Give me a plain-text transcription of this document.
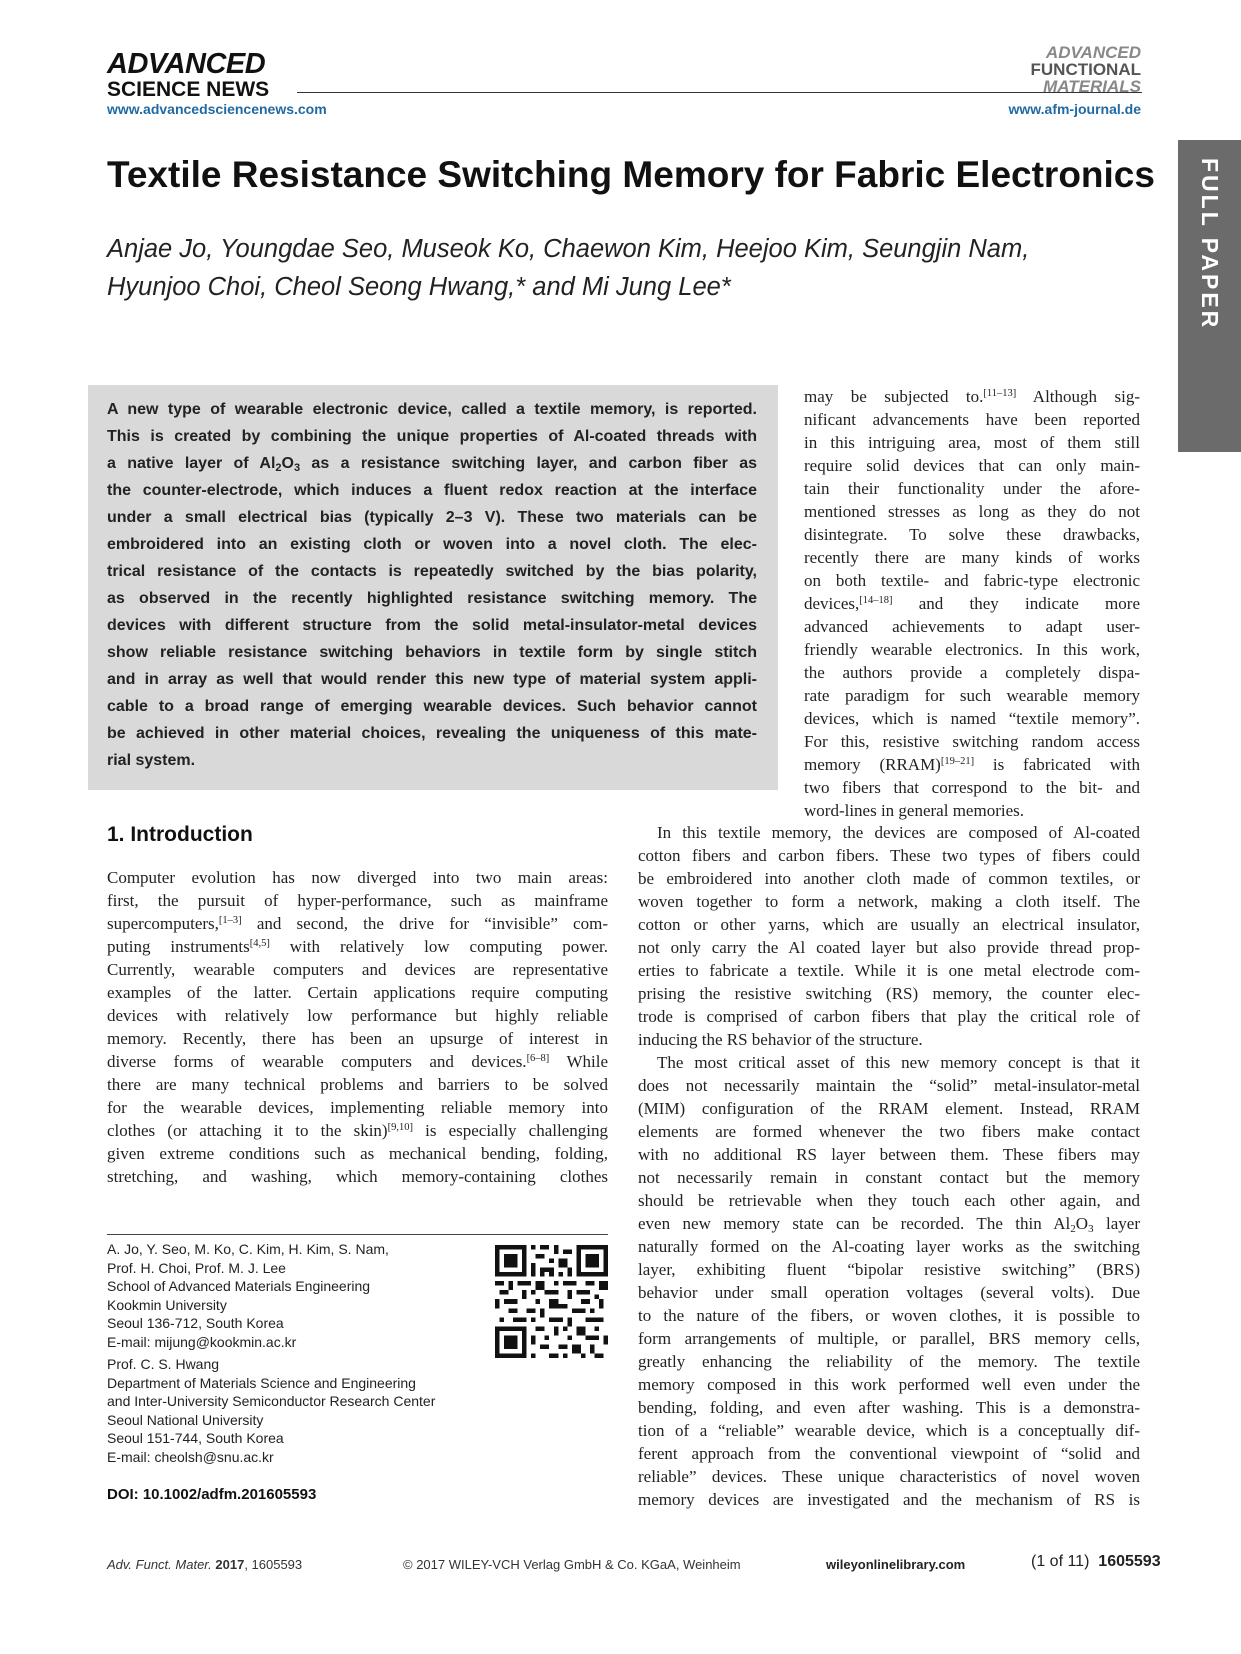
ADVANCED
SCIENCE NEWS
www.advancedsciencenews.com
ADVANCED
FUNCTIONAL
MATERIALS
www.afm-journal.de
FULL PAPER
Textile Resistance Switching Memory for Fabric Electronics
Anjae Jo, Youngdae Seo, Museok Ko, Chaewon Kim, Heejoo Kim, Seungjin Nam,
Hyunjoo Choi, Cheol Seong Hwang,* and Mi Jung Lee*
A new type of wearable electronic device, called a textile memory, is reported.
This is created by combining the unique properties of Al-coated threads with
a native layer of $Al_2O_3$ as a resistance switching layer, and carbon fiber as
the counter-electrode, which induces a fluent redox reaction at the interface
under a small electrical bias (typically 2–3 V). These two materials can be
embroidered into an existing cloth or woven into a novel cloth. The elec-
trical resistance of the contacts is repeatedly switched by the bias polarity,
as observed in the recently highlighted resistance switching memory. The
devices with different structure from the solid metal-insulator-metal devices
show reliable resistance switching behaviors in textile form by single stitch
and in array as well that would render this new type of material system appli-
cable to a broad range of emerging wearable devices. Such behavior cannot
be achieved in other material choices, revealing the uniqueness of this mate-
rial system.
may be subjected to.[11–13] Although sig-
nificant advancements have been reported
in this intriguing area, most of them still
require solid devices that can only main-
tain their functionality under the afore-
mentioned stresses as long as they do not
disintegrate. To solve these drawbacks,
recently there are many kinds of works
on both textile- and fabric-type electronic
devices,[14–18] and they indicate more
advanced achievements to adapt user-
friendly wearable electronics. In this work,
the authors provide a completely dispa-
rate paradigm for such wearable memory
devices, which is named “textile memory”.
For this, resistive switching random access
memory (RRAM)[19–21] is fabricated with
two fibers that correspond to the bit- and
word-lines in general memories.
1. Introduction
Computer evolution has now diverged into two main areas:
first, the pursuit of hyper-performance, such as mainframe
supercomputers,[1–3] and second, the drive for “invisible” com-
puting instruments[4,5] with relatively low computing power.
Currently, wearable computers and devices are representative
examples of the latter. Certain applications require computing
devices with relatively low performance but highly reliable
memory. Recently, there has been an upsurge of interest in
diverse forms of wearable computers and devices.[6–8] While
there are many technical problems and barriers to be solved
for the wearable devices, implementing reliable memory into
clothes (or attaching it to the skin)[9,10] is especially challenging
given extreme conditions such as mechanical bending, folding,
stretching, and washing, which memory-containing clothes
In this textile memory, the devices are composed of Al-coated
cotton fibers and carbon fibers. These two types of fibers could
be embroidered into another cloth made of common textiles, or
woven together to form a network, making a cloth itself. The
cotton or other yarns, which are usually an electrical insulator,
not only carry the Al coated layer but also provide thread prop-
erties to fabricate a textile. While it is one metal electrode com-
prising the resistive switching (RS) memory, the counter elec-
trode is comprised of carbon fibers that play the critical role of
inducing the RS behavior of the structure.
The most critical asset of this new memory concept is that it
does not necessarily maintain the “solid” metal-insulator-metal
(MIM) configuration of the RRAM element. Instead, RRAM
elements are formed whenever the two fibers make contact
with no additional RS layer between them. These fibers may
not necessarily remain in constant contact but the memory
should be retrievable when they touch each other again, and
even new memory state can be recorded. The thin $Al_2O_3$ layer
naturally formed on the Al-coating layer works as the switching
layer, exhibiting fluent “bipolar resistive switching” (BRS)
behavior under small operation voltages (several volts). Due
to the nature of the fibers, or woven clothes, it is possible to
form arrangements of multiple, or parallel, BRS memory cells,
greatly enhancing the reliability of the memory. The textile
memory composed in this work performed well even under the
bending, folding, and even after washing. This is a demonstra-
tion of a “reliable” wearable device, which is a conceptually dif-
ferent approach from the conventional viewpoint of “solid and
reliable” devices. These unique characteristics of novel woven
memory devices are investigated and the mechanism of RS is
A. Jo, Y. Seo, M. Ko, C. Kim, H. Kim, S. Nam,
Prof. H. Choi, Prof. M. J. Lee
School of Advanced Materials Engineering
Kookmin University
Seoul 136-712, South Korea
E-mail: mijung@kookmin.ac.kr
Prof. C. S. Hwang
Department of Materials Science and Engineering
and Inter-University Semiconductor Research Center
Seoul National University
Seoul 151-744, South Korea
E-mail: cheolsh@snu.ac.kr
DOI: 10.1002/adfm.201605593
Adv. Funct. Mater. 2017, 1605593	© 2017 WILEY-VCH Verlag GmbH & Co. KGaA, Weinheim	wileyonlinelibrary.com	(1 of 11) 1605593
